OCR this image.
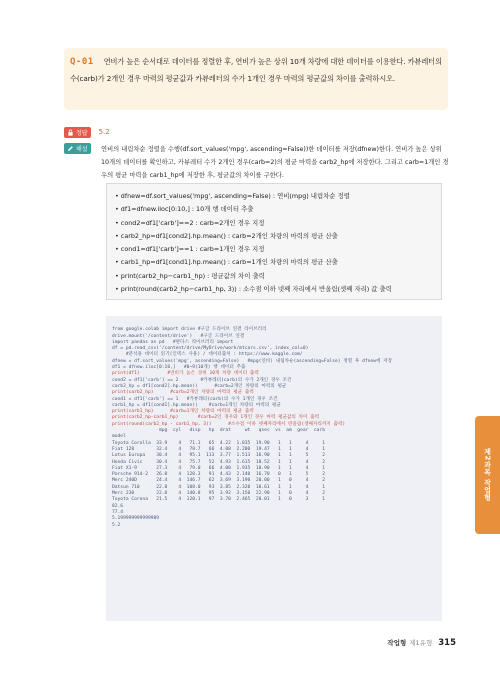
Q-01 연비가 높은 순서대로 데이터를 정렬한 후, 연비가 높은 상위 10개 차량에 대한 데이터를 이용한다. 카뷰레터의 수(carb)가 2개인 경우 마력의 평균값과 카뷰레터의 수가 1개인 경우 마력의 평균값의 차이를 출력하시오.
정답 5.2
해설 연비의 내림차순 정렬을 수행(df.sort_values('mpg', ascending=False))한 데이터를 저장(dfnew)한다. 연비가 높은 상위 10개의 데이터를 확인하고, 카뷰레터 수가 2개인 경우(carb=2)의 평균 마력을 carb2_hp에 저장한다. 그리고 carb=1개인 경우의 평균 마력을 carb1_hp에 저장한 후, 평균값의 차이를 구한다.
• dfnew=df.sort_values('mpg', ascending=False) : 연비(mpg) 내림차순 정렬
• df1=dfnew.iloc[0:10,] : 10개 행 데이터 추출
• cond2=df1['carb']==2 : carb=2개인 경우 지정
• carb2_hp=df1[cond2].hp.mean() : carb=2개인 차량의 마력의 평균 산출
• cond1=df1['carb']==1 : carb=1개인 경우 지정
• carb1_hp=df1[cond1].hp.mean() : carb=1개인 차량의 마력의 평균 산출
• print(carb2_hp−carb1_hp) : 평균값의 차이 출력
• print(round(carb2_hp−carb1_hp, 3)) : 소수점 이하 넷째 자리에서 반올림(셋째 자리) 값 출력

from google.colab import drive #구글 드라이브 연결 라이브러리
drive.mount('/content/drive')   #구글 드라이브 연결
import pandas as pd   #판다스 라이브러리 import
df = pd.read_csv('/content/drive/MyDrive/work/mtcars.csv', index_col=0)
#분석용 데이터 읽기(인덱스 사용) / 데이터출처 : https://www.kaggle.com/
dfnew = df.sort_values('mpg', ascending=False)   #mpg(연비) 내림차순(ascending=False) 정렬 후 dfnew에 저장
df1 = dfnew.iloc[0:10,]   #0~9(10개) 행 데이터 추출
print(df1)          #연비가 높은 상위 10개 차량 데이터 출력
cond2 = df1['carb'] == 2        #카뷰레터(carb)의 수가 2개인 경우 조건
carb2_hp = df1[cond2].hp.mean()      #carb=2개인 차량의 마력의 평균
print(carb2_hp)      #carb=2개인 차량의 마력의 평균 출력
cond1 = df1['carb'] == 1   #카뷰레터(carb)의 수가 1개인 경우 조건
carb1_hp = df1[cond1].hp.mean()    #carb=1개인 차량의 마력의 평균
print(carb1_hp)      #carb=1개인 차량의 마력의 평균 출력
print(carb2_hp-carb1_hp)       #carb=2인 경우와 1개인 경우 마력 평균값의 차이 출력
print(round(carb2_hp - carb1_hp, 3))      #소수점 이하 넷째자리에서 반올림(셋째자리까지 출력)
mpg  cyl   disp   hp  drat     wt   qsec  vs  am  gear  carb
model
Toyota Corolla  33.9    4   71.1   65  4.22  1.835  19.90   1   1     4     1
Fiat 128        32.4    4   78.7   66  4.08  2.200  19.47   1   1     4     1
Lotus Europa    30.4    4   95.1  113  3.77  1.513  16.90   1   1     5     2
Honda Civic     30.4    4   75.7   52  4.93  1.615  18.52   1   1     4     2
Fiat X1-9       27.3    4   79.0   66  4.08  1.935  18.90   1   1     4     1
Porsche 914-2   26.0    4  120.3   91  4.43  2.140  16.70   0   1     5     2
Merc 240D       24.4    4  146.7   62  3.69  3.190  20.00   1   0     4     2
Datsun 710      22.8    4  108.0   93  3.85  2.320  18.61   1   1     4     1
Merc 230        22.8    4  140.8   95  3.92  3.150  22.90   1   0     4     2
Toyota Corona   21.5    4  120.1   97  3.70  2.465  20.01   1   0     3     1
82.6
77.4
5.199999999999989
5.2

제2과목 작업형
작업형 제1유형 315
